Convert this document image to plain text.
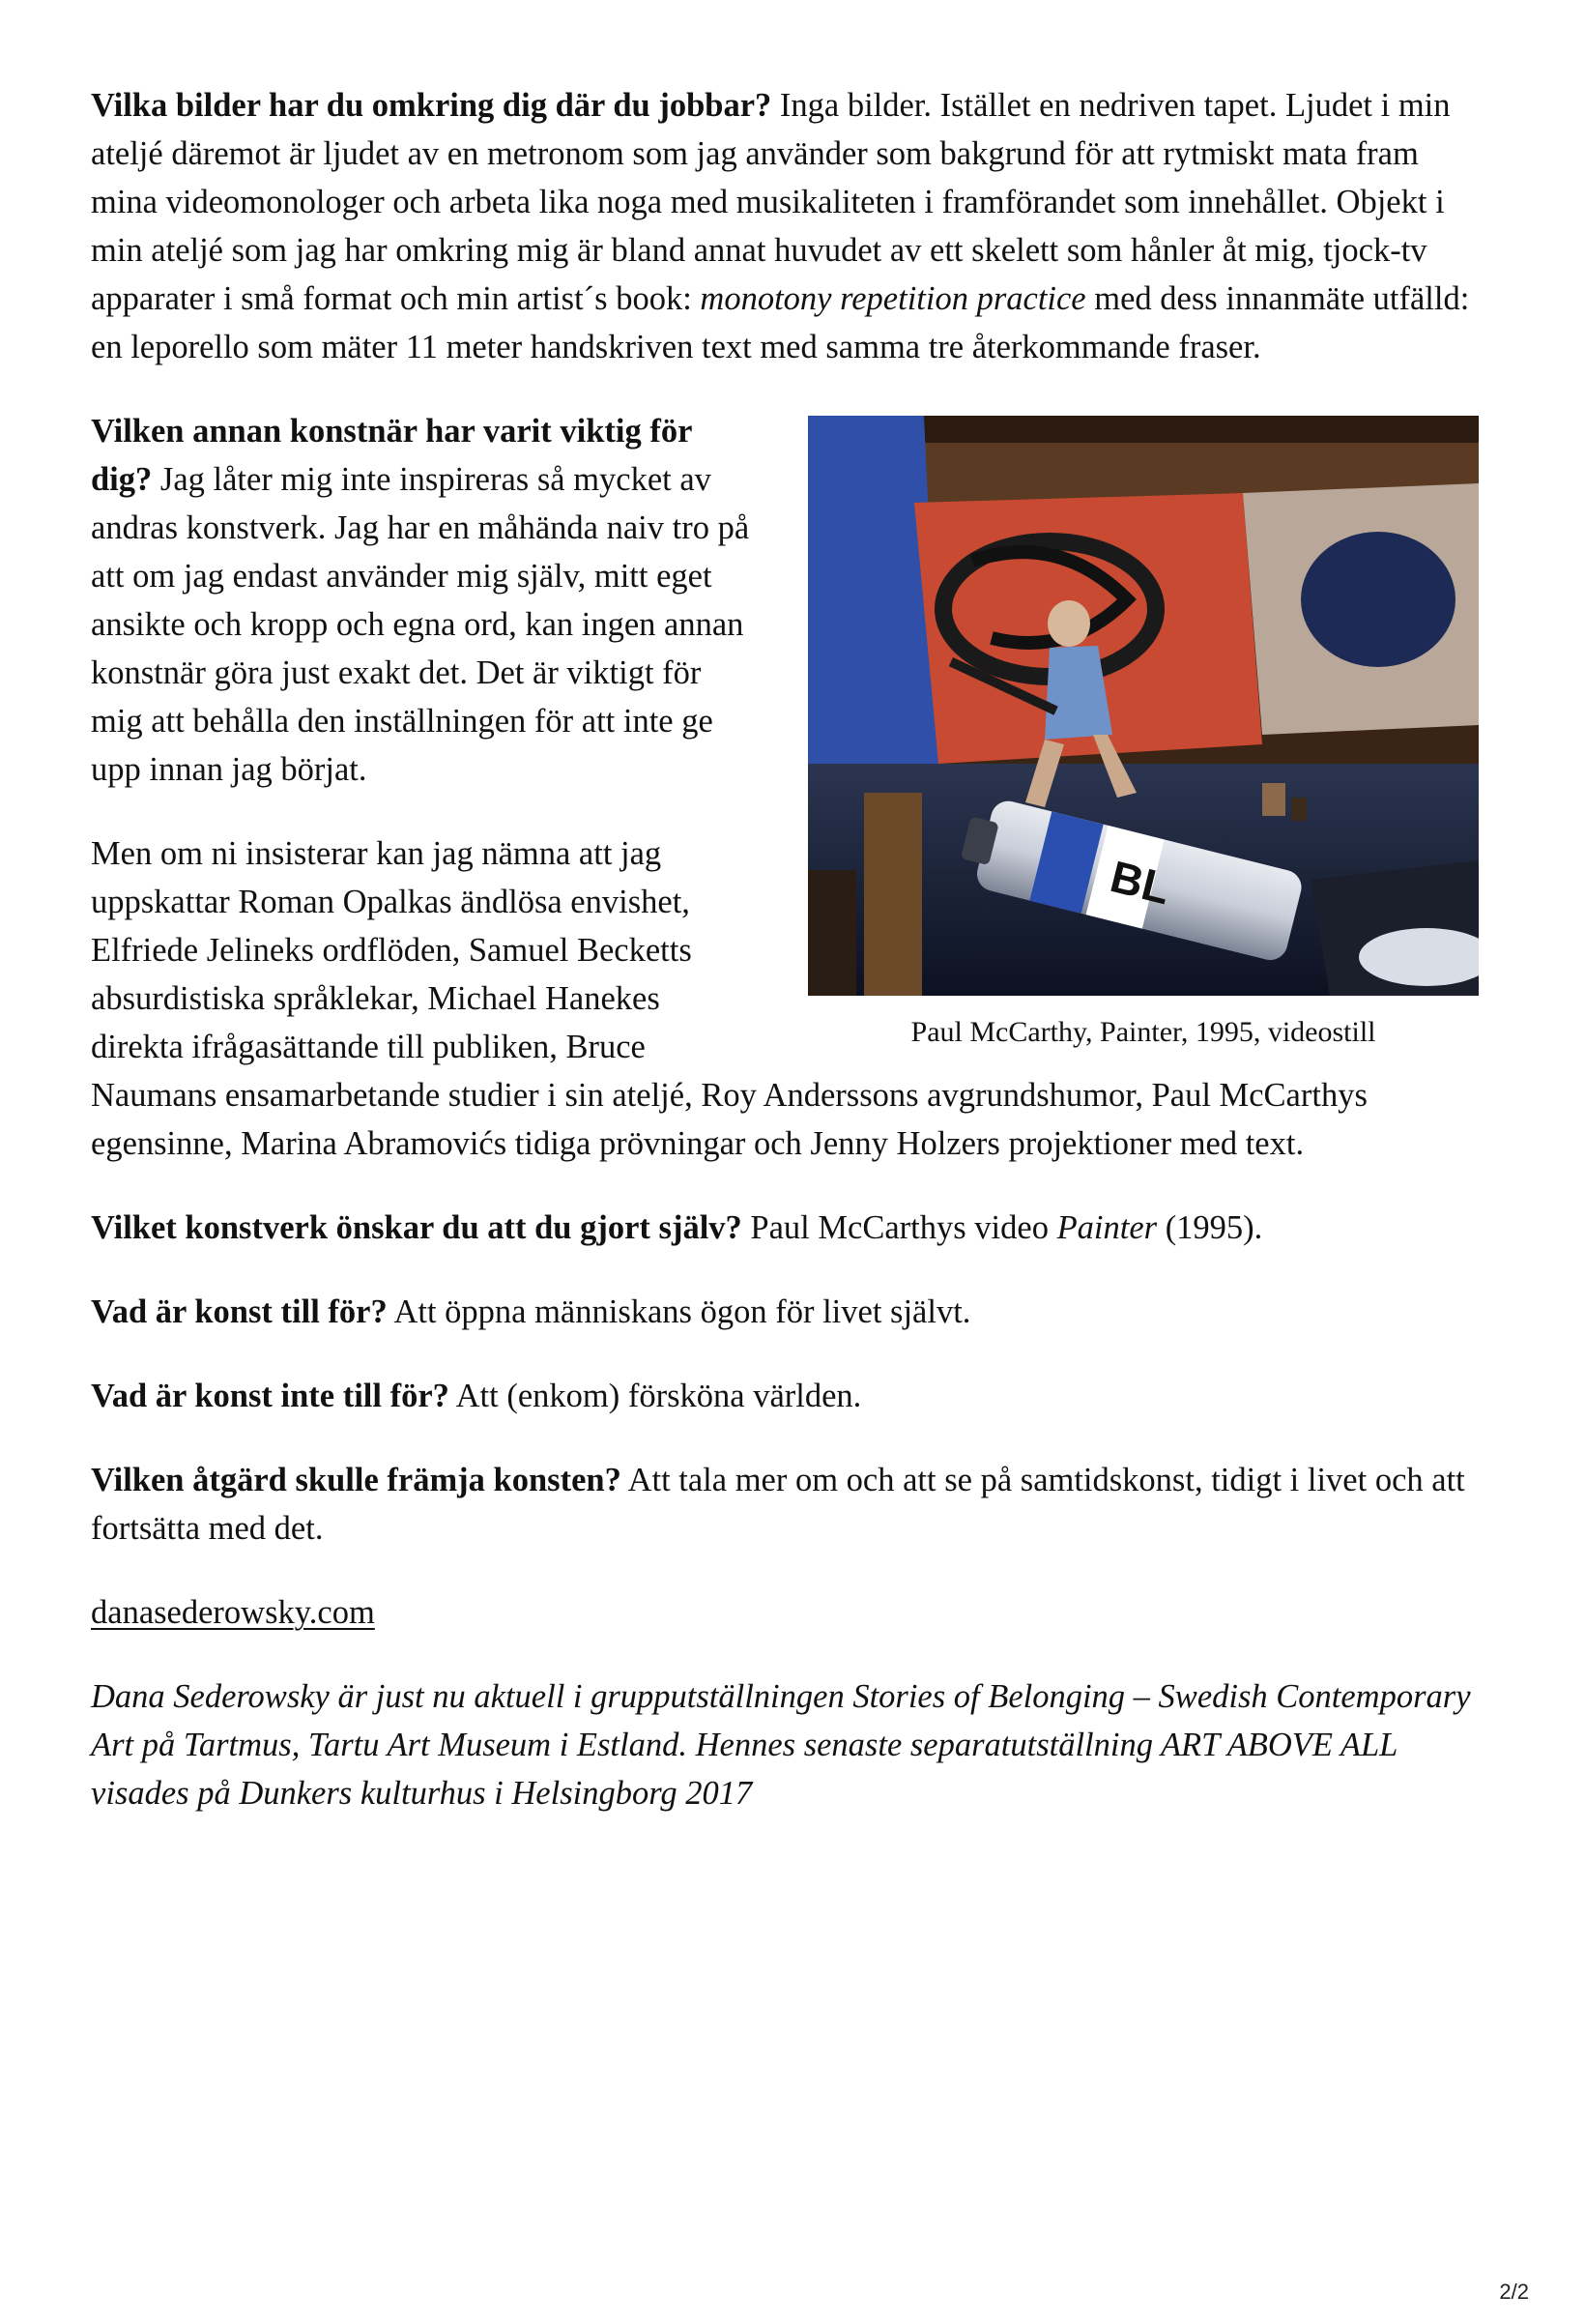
Vilka bilder har du omkring dig där du jobbar? Inga bilder. Istället en nedriven tapet. Ljudet i min ateljé däremot är ljudet av en metronom som jag använder som bakgrund för att rytmiskt mata fram mina videomonologer och arbeta lika noga med musikaliteten i framförandet som innehållet. Objekt i min ateljé som jag har omkring mig är bland annat huvudet av ett skelett som hånler åt mig, tjock-tv apparater i små format och min artist´s book: monotony repetition practice med dess innanmäte utfälld: en leporello som mäter 11 meter handskriven text med samma tre återkommande fraser.

BL
Paul McCarthy, Painter, 1995, videostill

Vilken annan konstnär har varit viktig för dig? Jag låter mig inte inspireras så mycket av andras konstverk. Jag har en måhända naiv tro på att om jag endast använder mig själv, mitt eget ansikte och kropp och egna ord, kan ingen annan konstnär göra just exakt det. Det är viktigt för mig att behålla den inställningen för att inte ge upp innan jag börjat.

Men om ni insisterar kan jag nämna att jag uppskattar Roman Opalkas ändlösa envishet, Elfriede Jelineks ordflöden, Samuel Becketts absurdistiska språklekar, Michael Hanekes direkta ifrågasättande till publiken, Bruce Naumans ensamarbetande studier i sin ateljé, Roy Anderssons avgrundshumor, Paul McCarthys egensinne, Marina Abramovićs tidiga prövningar och Jenny Holzers projektioner med text.

Vilket konstverk önskar du att du gjort själv? Paul McCarthys video Painter (1995).

Vad är konst till för? Att öppna människans ögon för livet självt.

Vad är konst inte till för? Att (enkom) försköna världen.

Vilken åtgärd skulle främja konsten? Att tala mer om och att se på samtidskonst, tidigt i livet och att fortsätta med det.

danasederowsky.com

Dana Sederowsky är just nu aktuell i grupputställningen Stories of Belonging – Swedish Contemporary Art på Tartmus, Tartu Art Museum i Estland. Hennes senaste separatutställning ART ABOVE ALL visades på Dunkers kulturhus i Helsingborg 2017

2/2
